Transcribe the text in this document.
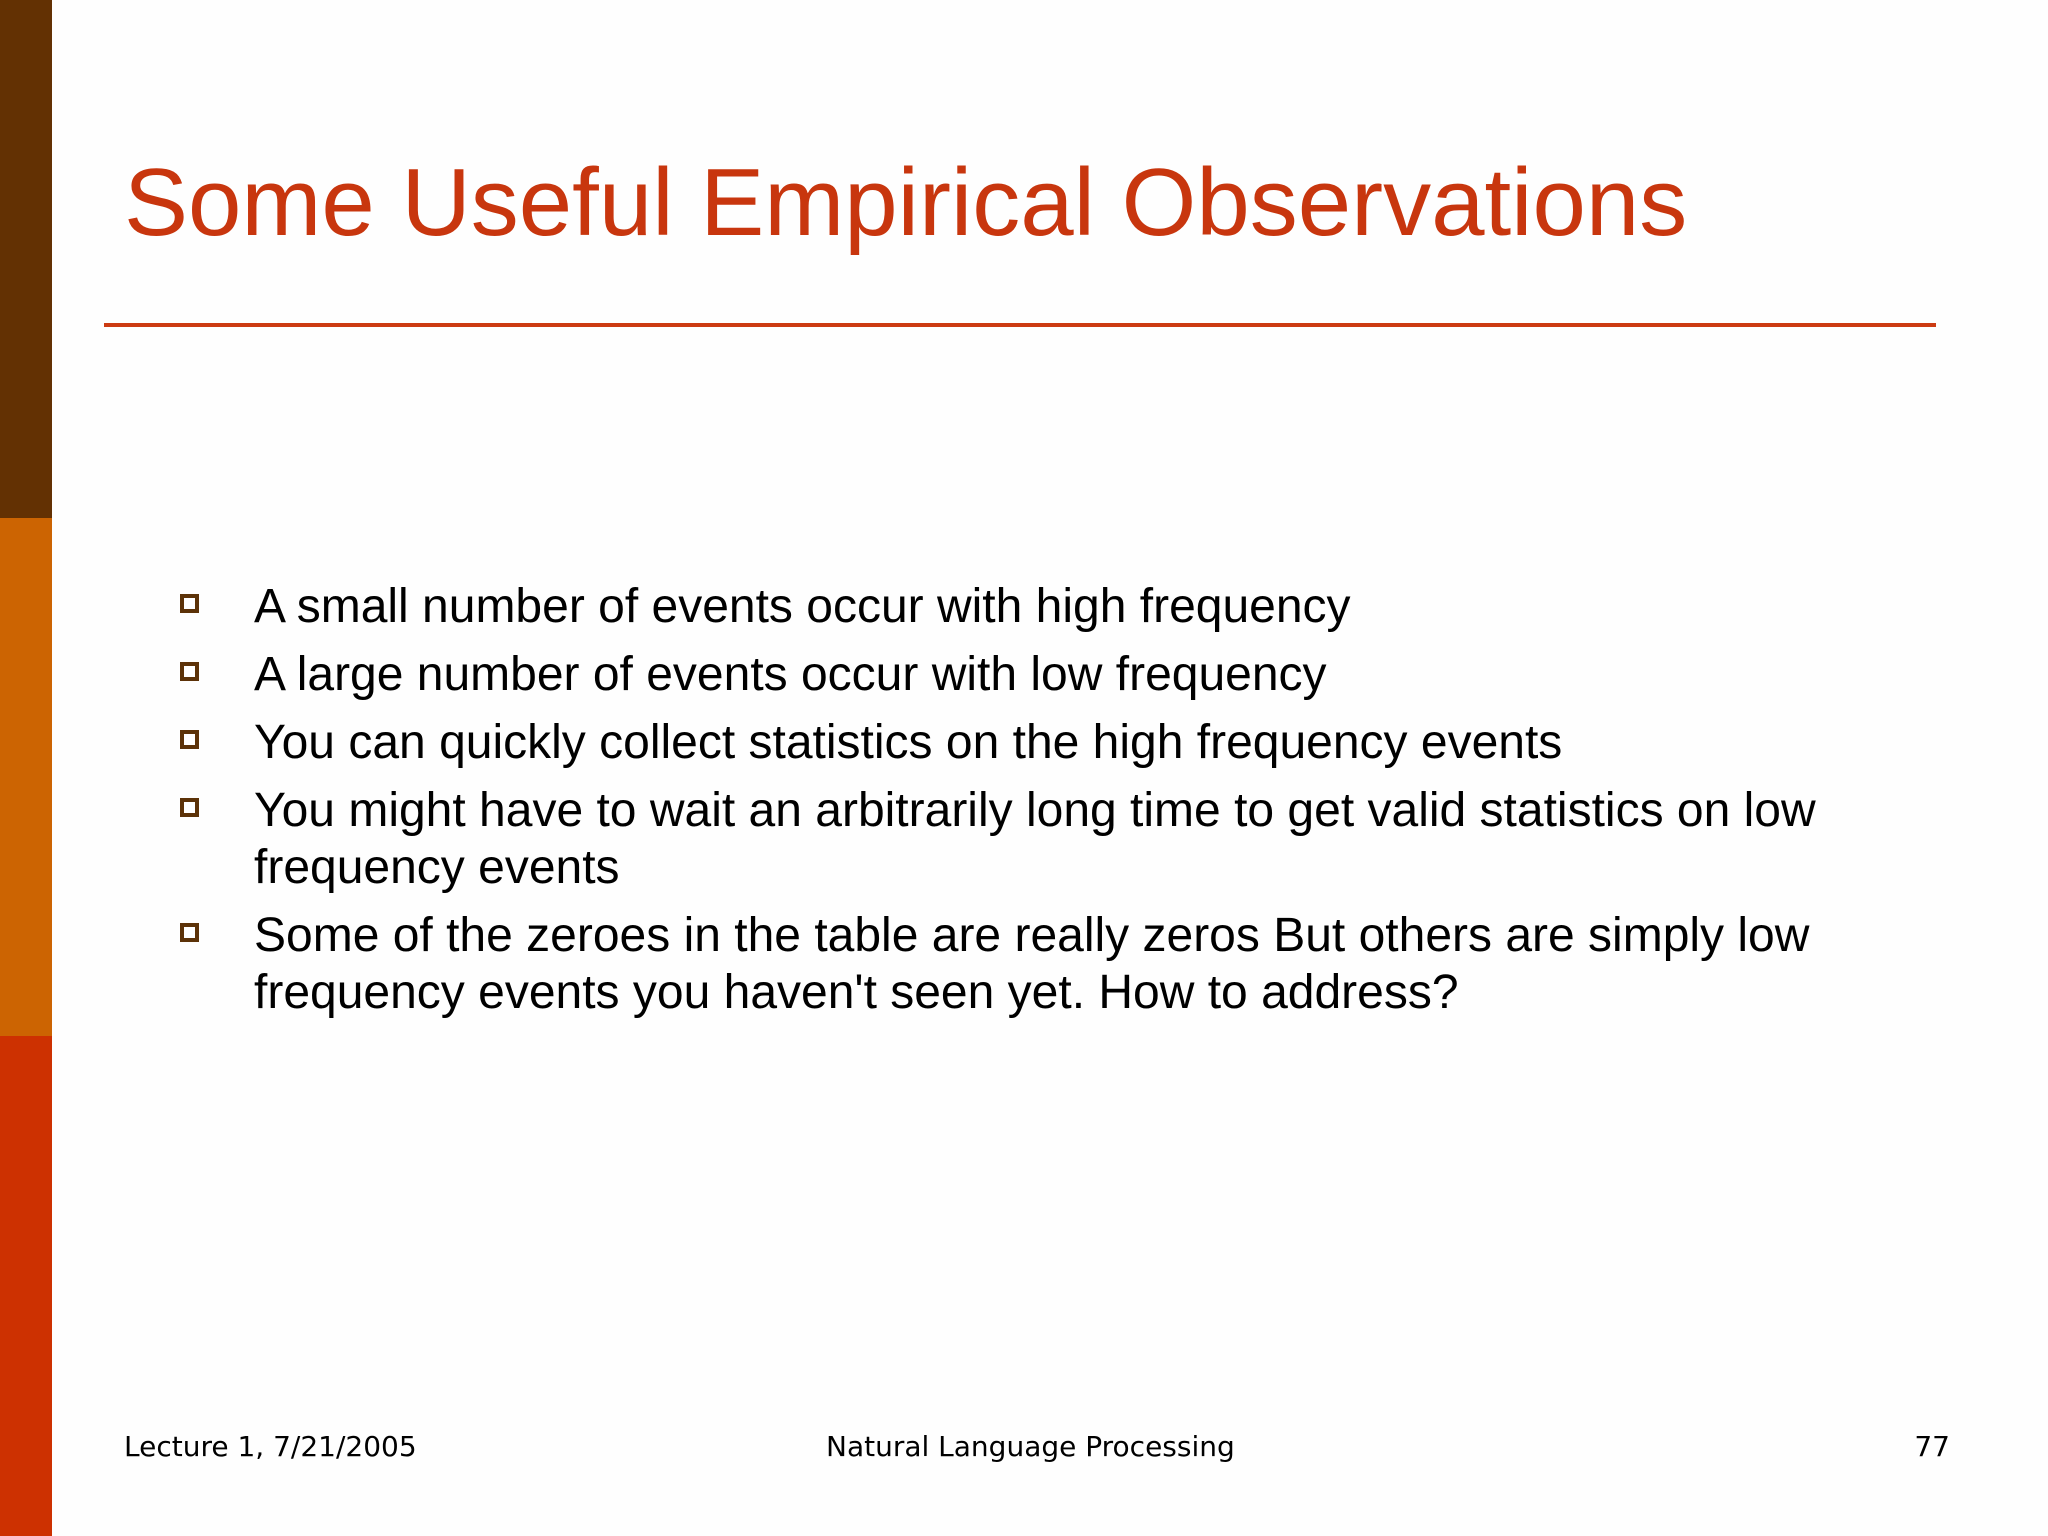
Some Useful Empirical Observations
A small number of events occur with high frequency
A large number of events occur with low frequency
You can quickly collect statistics on the high frequency events
You might have to wait an arbitrarily long time to get valid statistics on low frequency events
Some of the zeroes in the table are really zeros But others are simply low frequency events you haven't seen yet. How to address?
Lecture 1, 7/21/2005	Natural Language Processing	77
